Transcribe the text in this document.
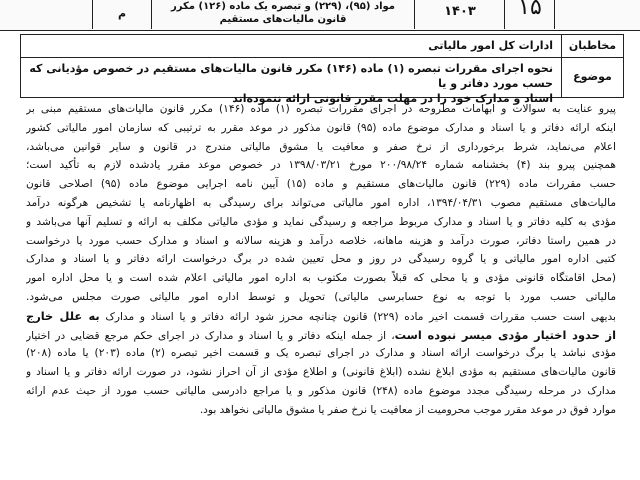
م
مواد (۹۵)، (۲۲۹) و تبصره یک ماده (۱۲۶) مکرر
قانون مالیات‌های مستقیم
۱۴۰۳	۱۵
مخاطبان
ادارات کل امور مالیاتی
موضوع
نحوه اجرای مقررات تبصره (۱) ماده (۱۴۶) مکرر قانون مالیات‌های مستقیم در خصوص مؤدیانی که حسب مورد دفاتر و یا
اسناد و مدارک خود را در مهلت مقرر قانونی ارائه ننموده‌اند
پیرو عنایت به سوالات و ابهامات مطروحه در اجرای مقررات تبصره (۱) ماده (۱۴۶) مکرر قانون مالیات‌های مستقیم مبنی بر
اینکه ارائه دفاتر و یا اسناد و مدارک موضوع ماده (۹۵) قانون مذکور در موعد مقرر به ترتیبی که سازمان امور مالیاتی کشور
اعلام می‌نماید، شرط برخورداری از نرخ صفر و معافیت یا مشوق مالیاتی مندرج در قانون و سایر قوانین می‌باشد،
همچنین پیرو بند (۴) بخشنامه شماره ۲۰۰/۹۸/۲۴ مورخ ۱۳۹۸/۰۳/۲۱ در خصوص موعد مقرر یادشده لازم به تأکید است؛
حسب مقررات ماده (۲۲۹) قانون مالیات‌های مستقیم و ماده (۱۵) آیین نامه اجرایی موضوع ماده (۹۵) اصلاحی قانون
مالیات‌های مستقیم مصوب ۱۳۹۴/۰۴/۳۱، اداره امور مالیاتی می‌تواند برای رسیدگی به اظهارنامه یا تشخیص هرگونه درآمد
مؤدی به کلیه دفاتر و یا اسناد و مدارک مربوط مراجعه و رسیدگی نماید و مؤدی مالیاتی مکلف به ارائه و تسلیم آنها می‌باشد و
در همین راستا دفاتر، صورت درآمد و هزینه ماهانه، خلاصه درآمد و هزینه سالانه و اسناد و مدارک حسب مورد یا درخواست
کتبی اداره امور مالیاتی و یا گروه رسیدگی در روز و محل تعیین شده در برگ درخواست ارائه دفاتر و یا اسناد و مدارک
(محل اقامتگاه قانونی مؤدی و یا محلی که قبلاً بصورت مکتوب به اداره امور مالیاتی اعلام شده است و یا محل اداره امور
مالیاتی حسب مورد با توجه به نوع حسابرسی مالیاتی) تحویل و توسط اداره امور مالیاتی صورت مجلس می‌شود.
بدیهی است حسب مقررات قسمت اخیر ماده (۲۲۹) قانون چنانچه محرز شود ارائه دفاتر و یا اسناد و مدارک به علل خارج
از حدود اختیار مؤدی میسر نبوده است، از جمله اینکه دفاتر و یا اسناد و مدارک در اجرای حکم مرجع قضایی در اختیار
مؤدی نباشد یا برگ درخواست ارائه اسناد و مدارک در اجرای تبصره یک و قسمت اخیر تبصره (۲) ماده (۲۰۳) یا ماده (۲۰۸)
قانون مالیات‌های مستقیم به مؤدی ابلاغ نشده (ابلاغ قانونی) و اطلاع مؤدی از آن احراز نشود، در صورت ارائه دفاتر و یا اسناد و
مدارک در مرحله رسیدگی مجدد موضوع ماده (۲۴۸) قانون مذکور و یا مراجع دادرسی مالیاتی حسب مورد از حیث عدم ارائه
موارد فوق در موعد مقرر موجب محرومیت از معافیت یا نرخ صفر یا مشوق مالیاتی نخواهد بود.
